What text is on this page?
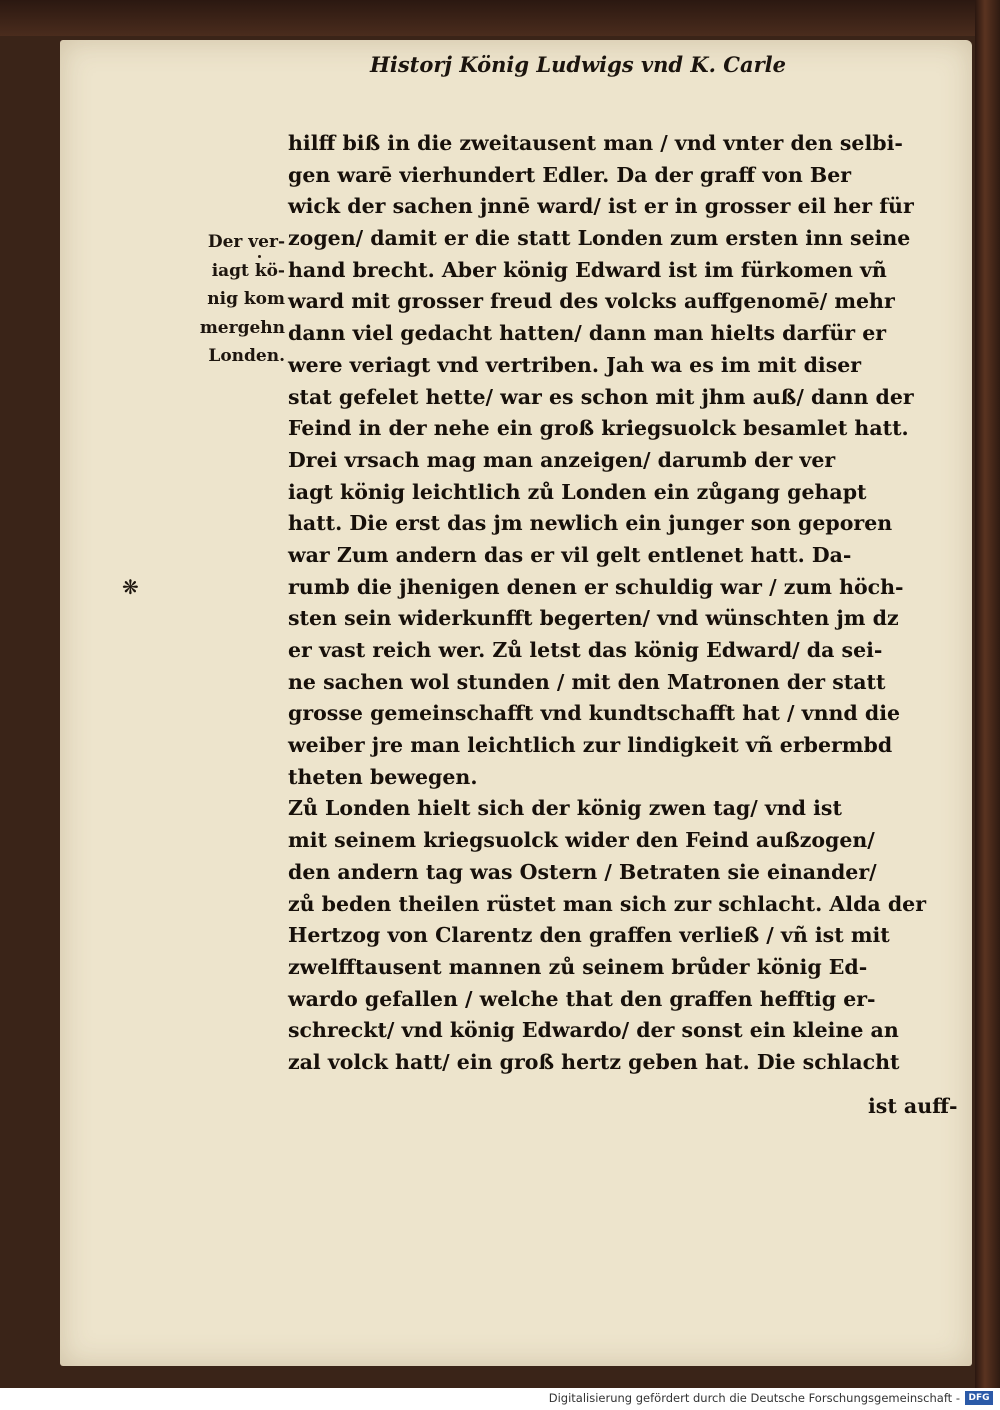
Historj König Ludwigs vnd K. Carle
Der ver-
iagt kö-
nig kom
mergehn
Londen.
❋
hilff biß in die zweitausent man / vnd vnter den selbi-
gen warē vierhundert Edler. Da der graff von Ber
wick der sachen jnnē ward/ ist er in grosser eil her für
zogen/ damit er die statt Londen zum ersten inn seine
hand brecht. Aber könig Edward ist im fürkomen vñ
ward mit grosser freud des volcks auffgenomē/ mehr
dann viel gedacht hatten/ dann man hielts darfür er
were veriagt vnd vertriben. Jah wa es im mit diser
stat gefelet hette/ war es schon mit jhm auß/ dann der
Feind in der nehe ein groß kriegsuolck besamlet hatt.
Drei vrsach mag man anzeigen/ darumb der ver
iagt könig leichtlich zů Londen ein zůgang gehapt
hatt. Die erst das jm newlich ein junger son geporen
war Zum andern das er vil gelt entlenet hatt. Da-
rumb die jhenigen denen er schuldig war / zum höch-
sten sein widerkunfft begerten/ vnd wünschten jm dz
er vast reich wer. Zů letst das könig Edward/ da sei-
ne sachen wol stunden / mit den Matronen der statt
grosse gemeinschafft vnd kundtschafft hat / vnnd die
weiber jre man leichtlich zur lindigkeit vñ erbermbd
theten bewegen.
Zů Londen hielt sich der könig zwen tag/ vnd ist
mit seinem kriegsuolck wider den Feind außzogen/
den andern tag was Ostern / Betraten sie einander/
zů beden theilen rüstet man sich zur schlacht. Alda der
Hertzog von Clarentz den graffen verließ / vñ ist mit
zwelfftausent mannen zů seinem brůder könig Ed-
wardo gefallen / welche that den graffen hefftig er-
schreckt/ vnd könig Edwardo/ der sonst ein kleine an
zal volck hatt/ ein groß hertz geben hat. Die schlacht
ist auff-
Digitalisierung gefördert durch die Deutsche Forschungsgemeinschaft - DFG
